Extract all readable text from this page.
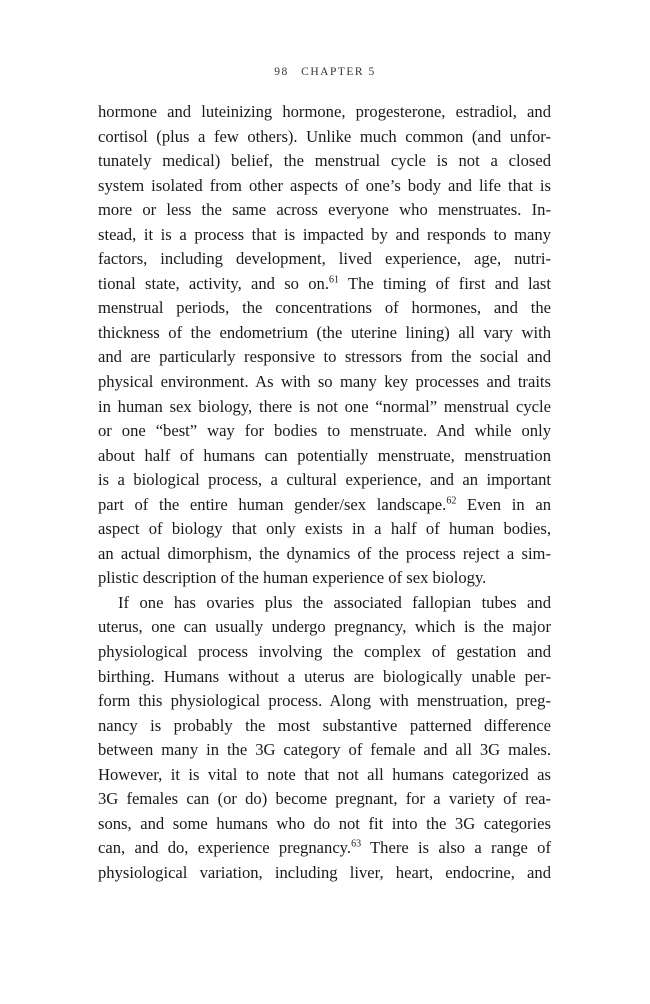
98 CHAPTER 5
hormone and luteinizing hormone, progesterone, estradiol, and
cortisol (plus a few others). Unlike much common (and unfor-
tunately medical) belief, the menstrual cycle is not a closed
system isolated from other aspects of one’s body and life that is
more or less the same across everyone who menstruates. In-
stead, it is a process that is impacted by and responds to many
factors, including development, lived experience, age, nutri-
tional state, activity, and so on.$^{61}$ The timing of first and last
menstrual periods, the concentrations of hormones, and the
thickness of the endometrium (the uterine lining) all vary with
and are particularly responsive to stressors from the social and
physical environment. As with so many key processes and traits
in human sex biology, there is not one “normal” menstrual cycle
or one “best” way for bodies to menstruate. And while only
about half of humans can potentially menstruate, menstruation
is a biological process, a cultural experience, and an important
part of the entire human gender/sex landscape.$^{62}$ Even in an
aspect of biology that only exists in a half of human bodies,
an actual dimorphism, the dynamics of the process reject a sim-
plistic description of the human experience of sex biology.
If one has ovaries plus the associated fallopian tubes and
uterus, one can usually undergo pregnancy, which is the major
physiological process involving the complex of gestation and
birthing. Humans without a uterus are biologically unable per-
form this physiological process. Along with menstruation, preg-
nancy is probably the most substantive patterned difference
between many in the 3G category of female and all 3G males.
However, it is vital to note that not all humans categorized as
3G females can (or do) become pregnant, for a variety of rea-
sons, and some humans who do not fit into the 3G categories
can, and do, experience pregnancy.$^{63}$ There is also a range of
physiological variation, including liver, heart, endocrine, and
